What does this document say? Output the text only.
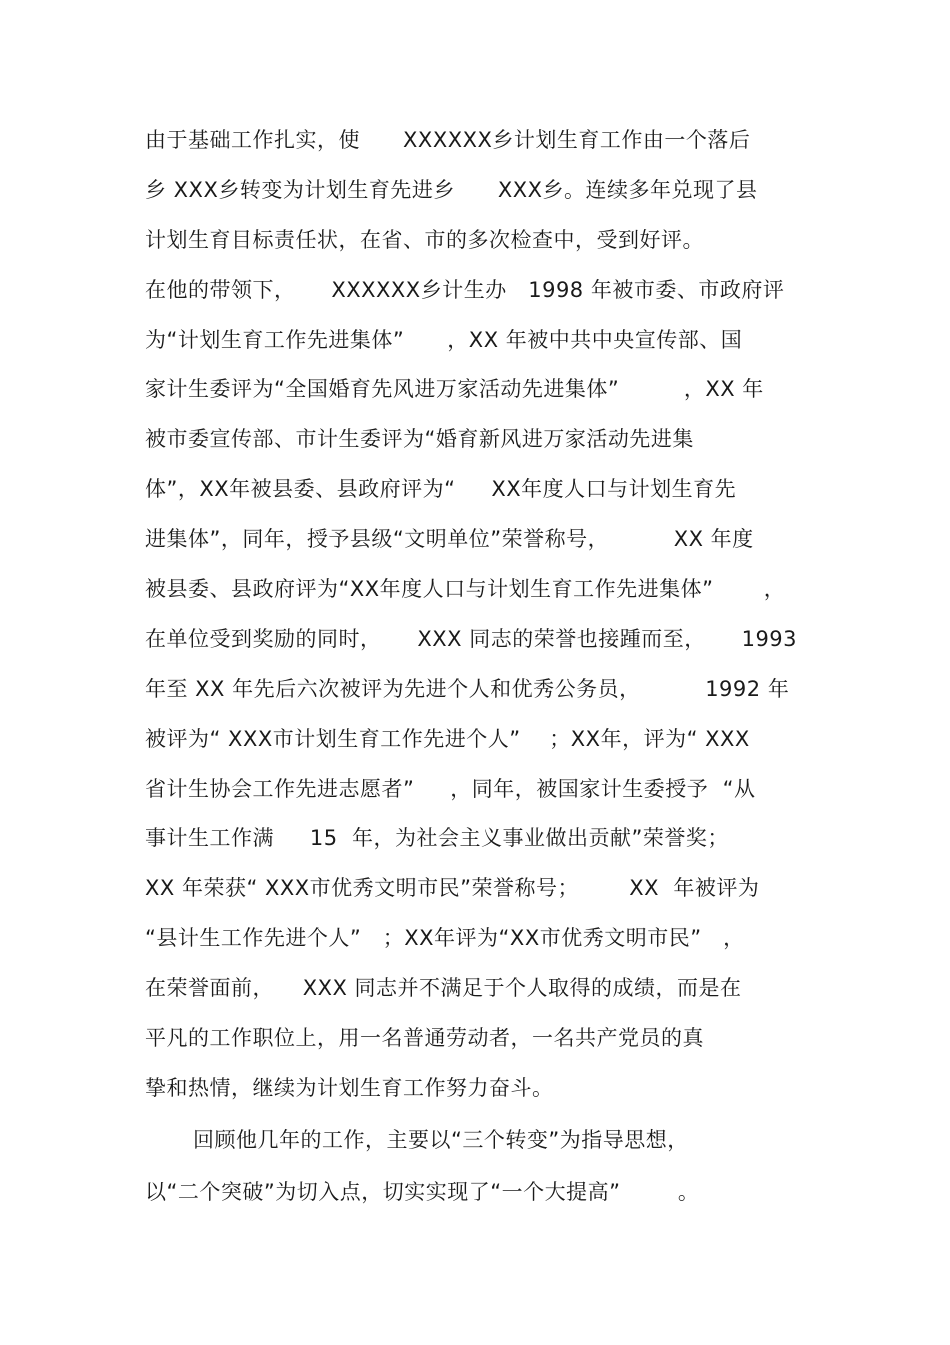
由于基础工作扎实，使      XXXXXX乡计划生育工作由一个落后
乡 XXX乡转变为计划生育先进乡      XXX乡。连续多年兑现了县
计划生育目标责任状，在省、市的多次检查中，受到好评。
在他的带领下，     XXXXXX乡计生办   1998 年被市委、市政府评
为“计划生育工作先进集体”      ，XX 年被中共中央宣传部、国
家计生委评为“全国婚育先风进万家活动先进集体”         ，XX 年
被市委宣传部、市计生委评为“婚育新风进万家活动先进集
体”，XX年被县委、县政府评为“     XX年度人口与计划生育先
进集体”，同年，授予县级“文明单位”荣誉称号，         XX 年度
被县委、县政府评为“XX年度人口与计划生育工作先进集体”       ，
在单位受到奖励的同时，     XXX 同志的荣誉也接踵而至，     1993
年至 XX 年先后六次被评为先进个人和优秀公务员，         1992 年
被评为“ XXX市计划生育工作先进个人”    ；XX年，评为“ XXX
省计生协会工作先进志愿者”     ，同年，被国家计生委授予  “从
事计生工作满     15  年，为社会主义事业做出贡献”荣誉奖；
XX 年荣获“ XXX市优秀文明市民”荣誉称号；       XX  年被评为
“县计生工作先进个人”   ；XX年评为“XX市优秀文明市民”   ，
在荣誉面前，    XXX 同志并不满足于个人取得的成绩，而是在
平凡的工作职位上，用一名普通劳动者，一名共产党员的真
挚和热情，继续为计划生育工作努力奋斗。
回顾他几年的工作，主要以“三个转变”为指导思想，
以“二个突破”为切入点，切实实现了“一个大提高”        。
